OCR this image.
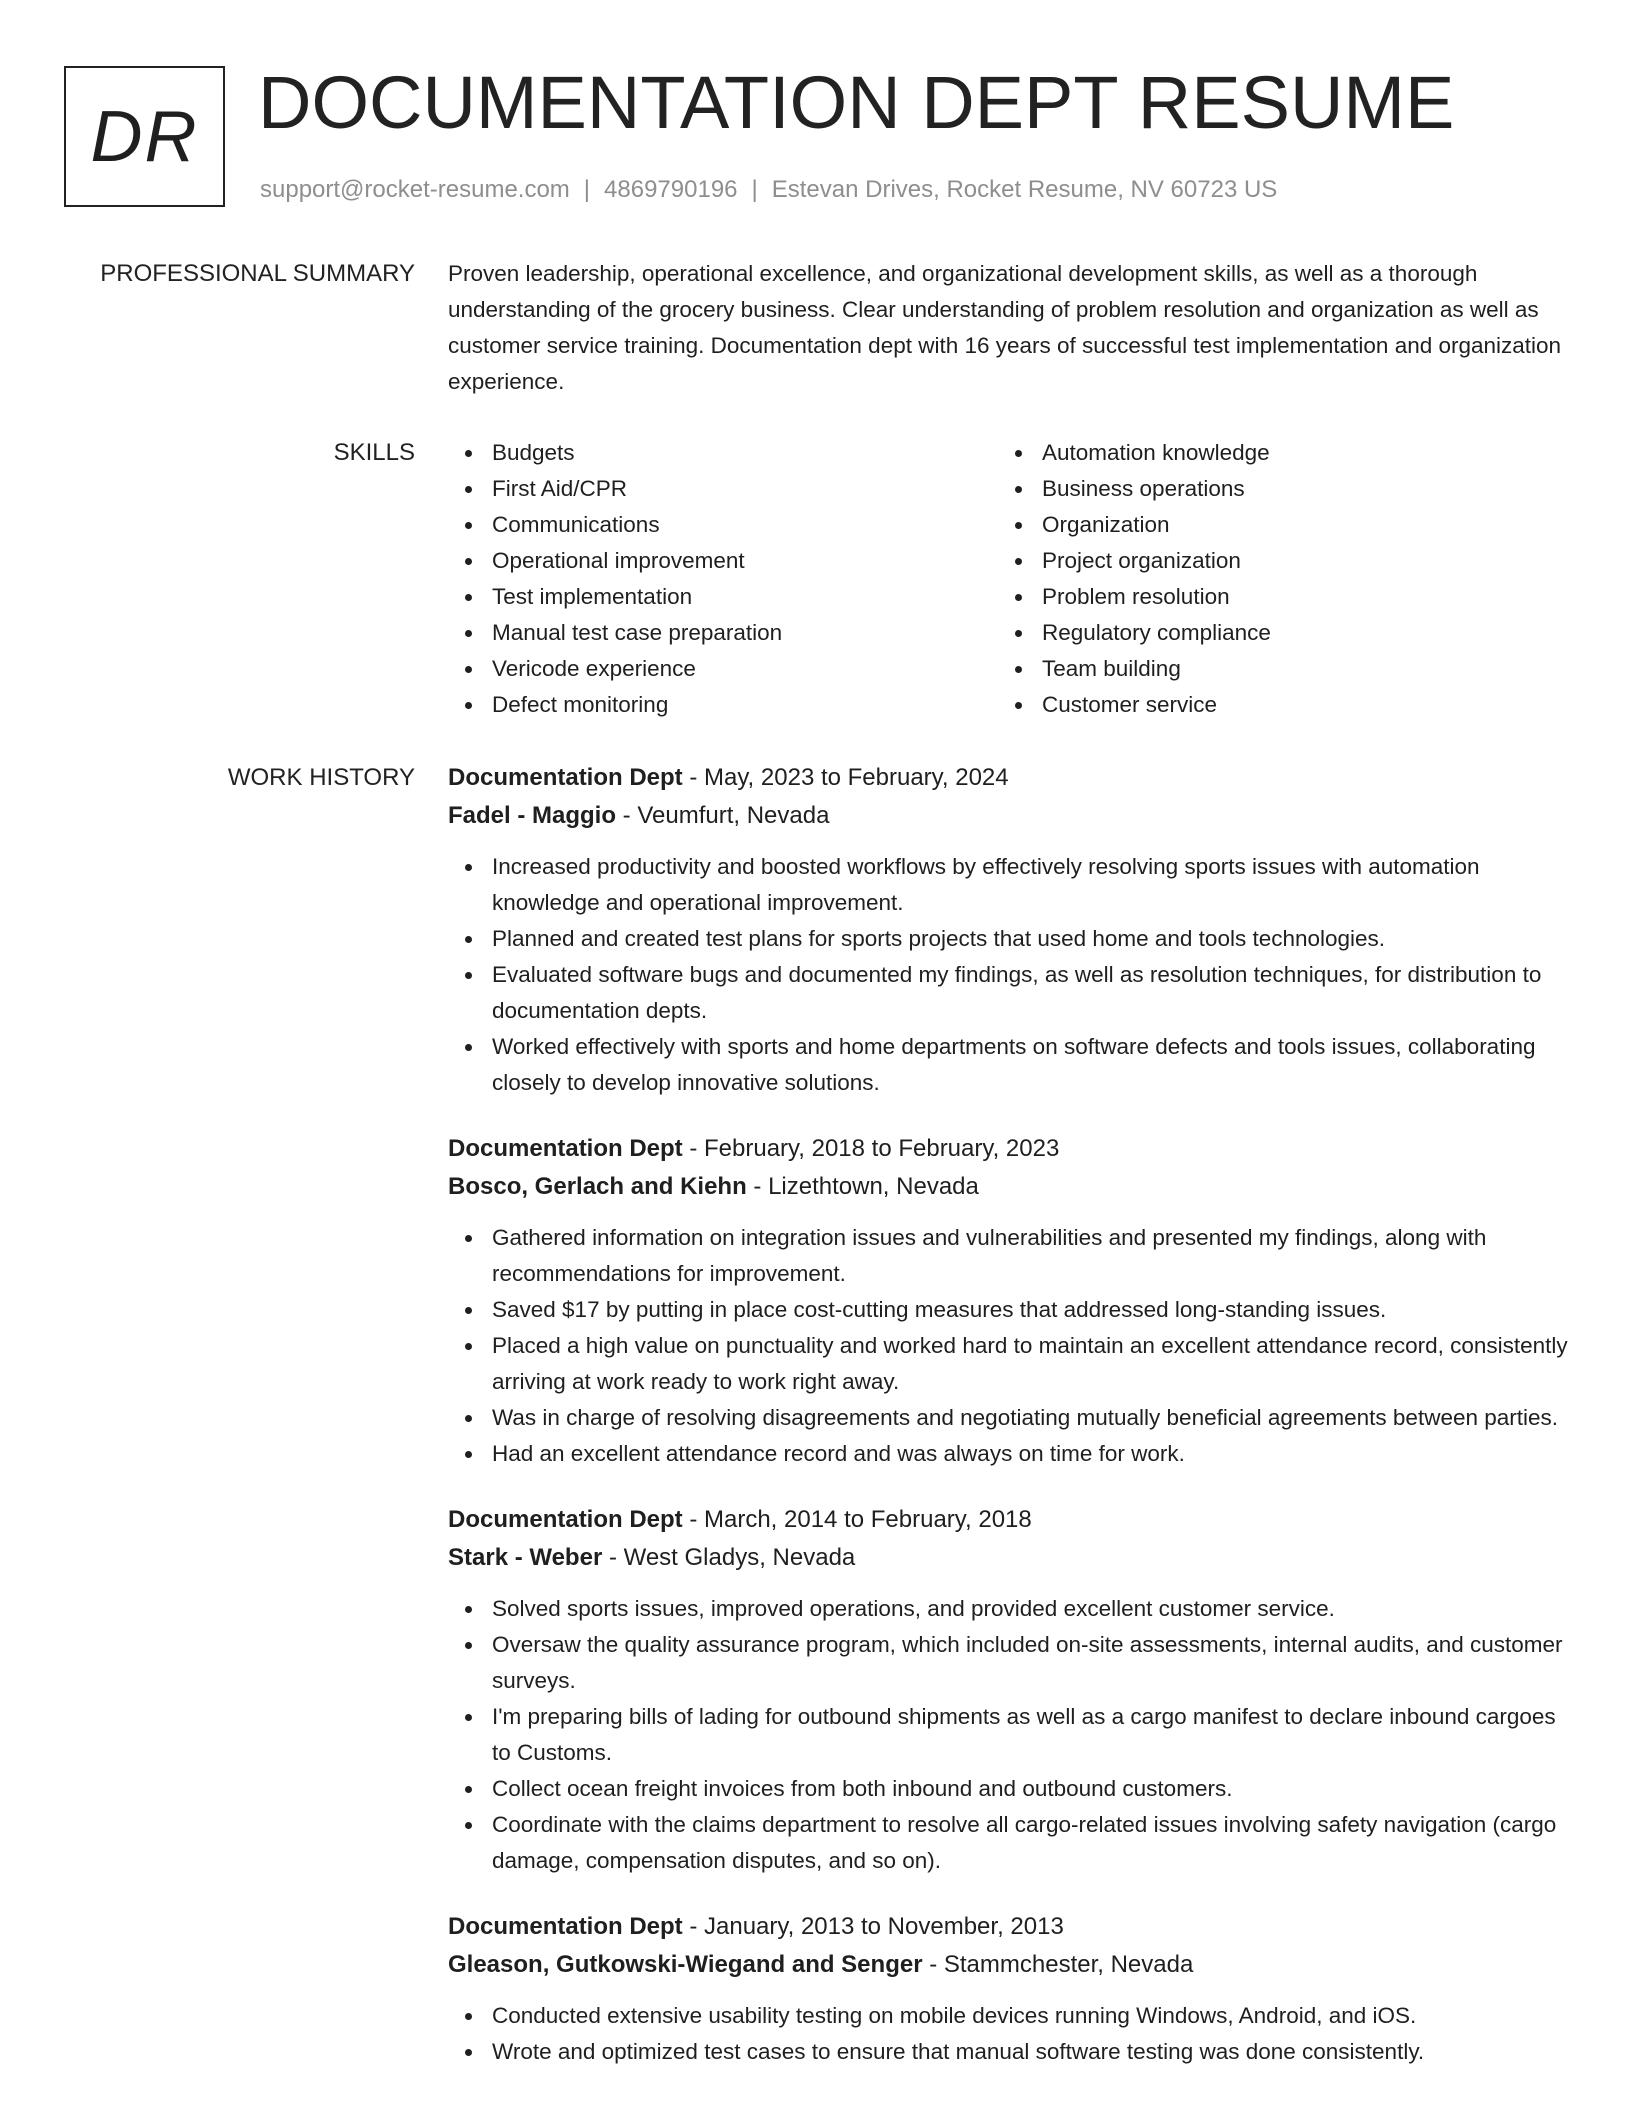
DR DOCUMENTATION DEPT RESUME
support@rocket-resume.com | 4869790196 | Estevan Drives, Rocket Resume, NV 60723 US
PROFESSIONAL SUMMARY Proven leadership, operational excellence, and organizational development skills, as well as a thorough understanding of the grocery business. Clear understanding of problem resolution and organization as well as customer service training. Documentation dept with 16 years of successful test implementation and organization experience.

SKILLS	Budgets
First Aid/CPR
Communications
Operational improvement
Test implementation
Manual test case preparation
Vericode experience
Defect monitoring
Automation knowledge
Business operations
Organization
Project organization
Problem resolution
Regulatory compliance
Team building
Customer service
WORK HISTORY Documentation Dept - May, 2023 to February, 2024
Fadel - Maggio - Veumfurt, Nevada
Increased productivity and boosted workflows by effectively resolving sports issues with automation knowledge and operational improvement.
Planned and created test plans for sports projects that used home and tools technologies.
Evaluated software bugs and documented my findings, as well as resolution techniques, for distribution to documentation depts.
Worked effectively with sports and home departments on software defects and tools issues, collaborating closely to develop innovative solutions.
Documentation Dept - February, 2018 to February, 2023
Bosco, Gerlach and Kiehn - Lizethtown, Nevada
Gathered information on integration issues and vulnerabilities and presented my findings, along with recommendations for improvement.
Saved $17 by putting in place cost-cutting measures that addressed long-standing issues.
Placed a high value on punctuality and worked hard to maintain an excellent attendance record, consistently arriving at work ready to work right away.
Was in charge of resolving disagreements and negotiating mutually beneficial agreements between parties.
Had an excellent attendance record and was always on time for work.
Documentation Dept - March, 2014 to February, 2018
Stark - Weber - West Gladys, Nevada
Solved sports issues, improved operations, and provided excellent customer service.
Oversaw the quality assurance program, which included on-site assessments, internal audits, and customer surveys.
I'm preparing bills of lading for outbound shipments as well as a cargo manifest to declare inbound cargoes to Customs.
Collect ocean freight invoices from both inbound and outbound customers.
Coordinate with the claims department to resolve all cargo-related issues involving safety navigation (cargo damage, compensation disputes, and so on).
Documentation Dept - January, 2013 to November, 2013
Gleason, Gutkowski-Wiegand and Senger - Stammchester, Nevada
Conducted extensive usability testing on mobile devices running Windows, Android, and iOS.
Wrote and optimized test cases to ensure that manual software testing was done consistently.
